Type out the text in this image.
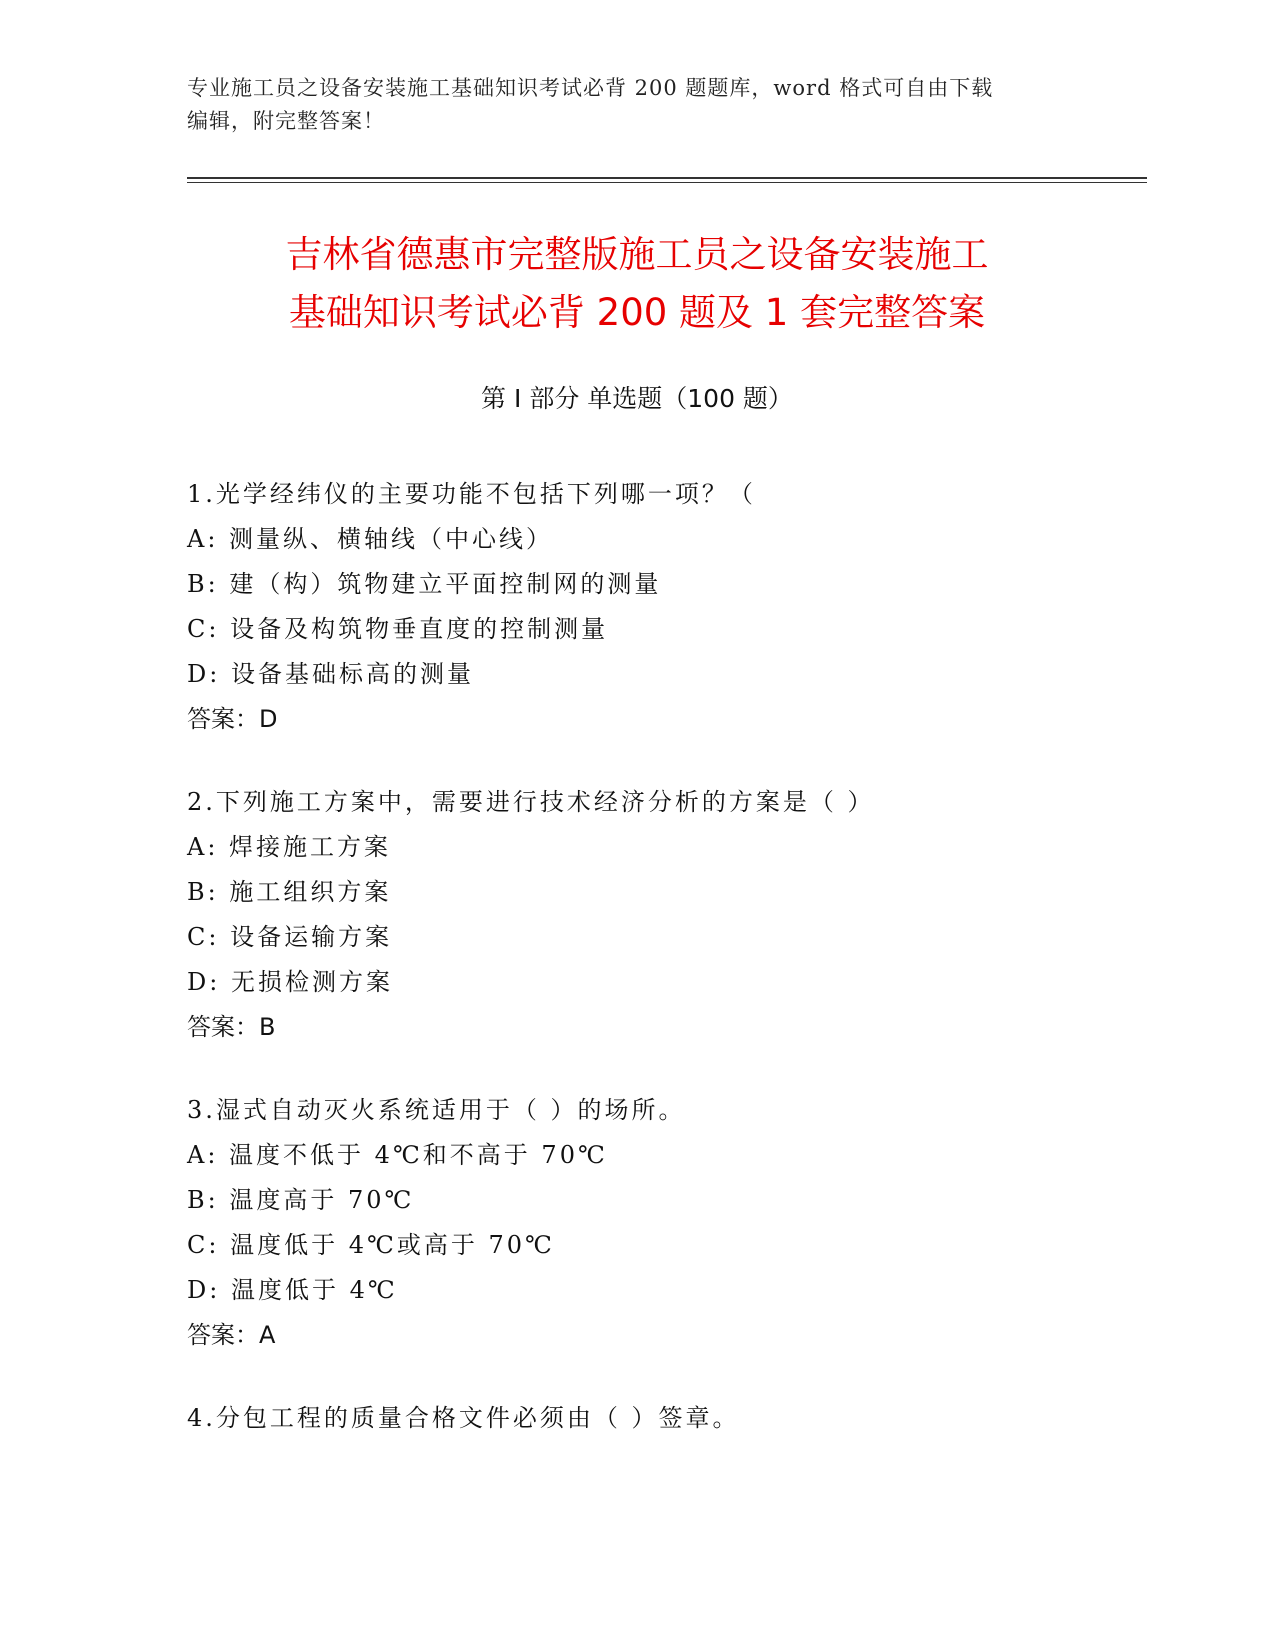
专业施工员之设备安装施工基础知识考试必背 200 题题库，word 格式可自由下载
编辑，附完整答案！
吉林省德惠市完整版施工员之设备安装施工
基础知识考试必背 200 题及 1 套完整答案
第 I 部分 单选题（100 题）
1.光学经纬仪的主要功能不包括下列哪一项？（
A: 测量纵、横轴线（中心线）
B: 建（构）筑物建立平面控制网的测量
C: 设备及构筑物垂直度的控制测量
D: 设备基础标高的测量
答案：D
2.下列施工方案中，需要进行技术经济分析的方案是（ ）
A: 焊接施工方案
B: 施工组织方案
C: 设备运输方案
D: 无损检测方案
答案：B
3.湿式自动灭火系统适用于（ ）的场所。
A: 温度不低于 4℃和不高于 70℃
B: 温度高于 70℃
C: 温度低于 4℃或高于 70℃
D: 温度低于 4℃
答案：A
4.分包工程的质量合格文件必须由（ ）签章。
